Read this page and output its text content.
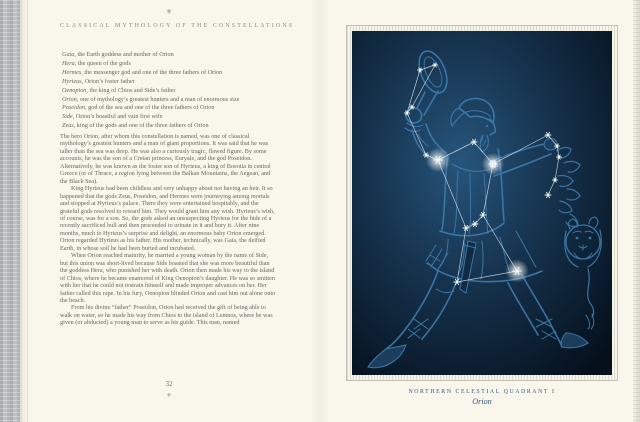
⚜
CLASSICAL MYTHOLOGY OF THE CONSTELLATIONS
Gaia, the Earth goddess and mother of Orion
Hera, the queen of the gods
Hermes, the messenger god and one of the three fathers of Orion
Hyrieus, Orion’s foster father
Oenopion, the king of Chios and Side’s father
Orion, one of mythology’s greatest hunters and a man of enormous size
Poseidon, god of the sea and one of the three fathers of Orion
Side, Orion’s boastful and vain first wife
Zeus, king of the gods and one of the three fathers of Orion

The hero Orion, after whom this constellation is named, was one of classical mythology’s greatest hunters and a man of giant proportions. It was said that he was taller than the sea was deep. He was also a curiously tragic, flawed figure. By some accounts, he was the son of a Cretan princess, Euryale, and the god Poseidon. Alternatively, he was known as the foster son of Hyrieus, a king of Boeotia in central Greece (or of Thrace, a region lying between the Balkan Mountains, the Aegean, and the Black Sea).

King Hyrieus had been childless and very unhappy about not having an heir. It so happened that the gods Zeus, Poseidon, and Hermes were journeying among mortals and stopped at Hyrieus’s palace. There they were entertained hospitably, and the grateful gods resolved to reward him. They would grant him any wish. Hyrieus’s wish, of course, was for a son. So, the gods asked an unsuspecting Hyrieus for the hide of a recently sacrificed bull and then proceeded to urinate in it and bury it. After nine months, much to Hyrieus’s surprise and delight, an enormous baby Orion emerged. Orion regarded Hyrieus as his father. His mother, technically, was Gaia, the deified Earth, in whose soil he had been buried and incubated.

When Orion reached maturity, he married a young woman by the name of Side, but this union was short-lived because Side boasted that she was more beautiful than the goddess Hera, who punished her with death. Orion then made his way to the island of Chios, where he became enamored of King Oenopion’s daughter. He was so smitten with her that he could not restrain himself and made improper advances on her. Her father called this rape. In his fury, Oenopion blinded Orion and cast him out alone onto the beach.

From his divine “father” Poseidon, Orion had received the gift of being able to walk on water, so he made his way from Chios to the island of Lemnos, where he was given (or abducted) a young man to serve as his guide. This man, named

32
⚜	NORTHERN CELESTIAL QUADRANT I
Orion
